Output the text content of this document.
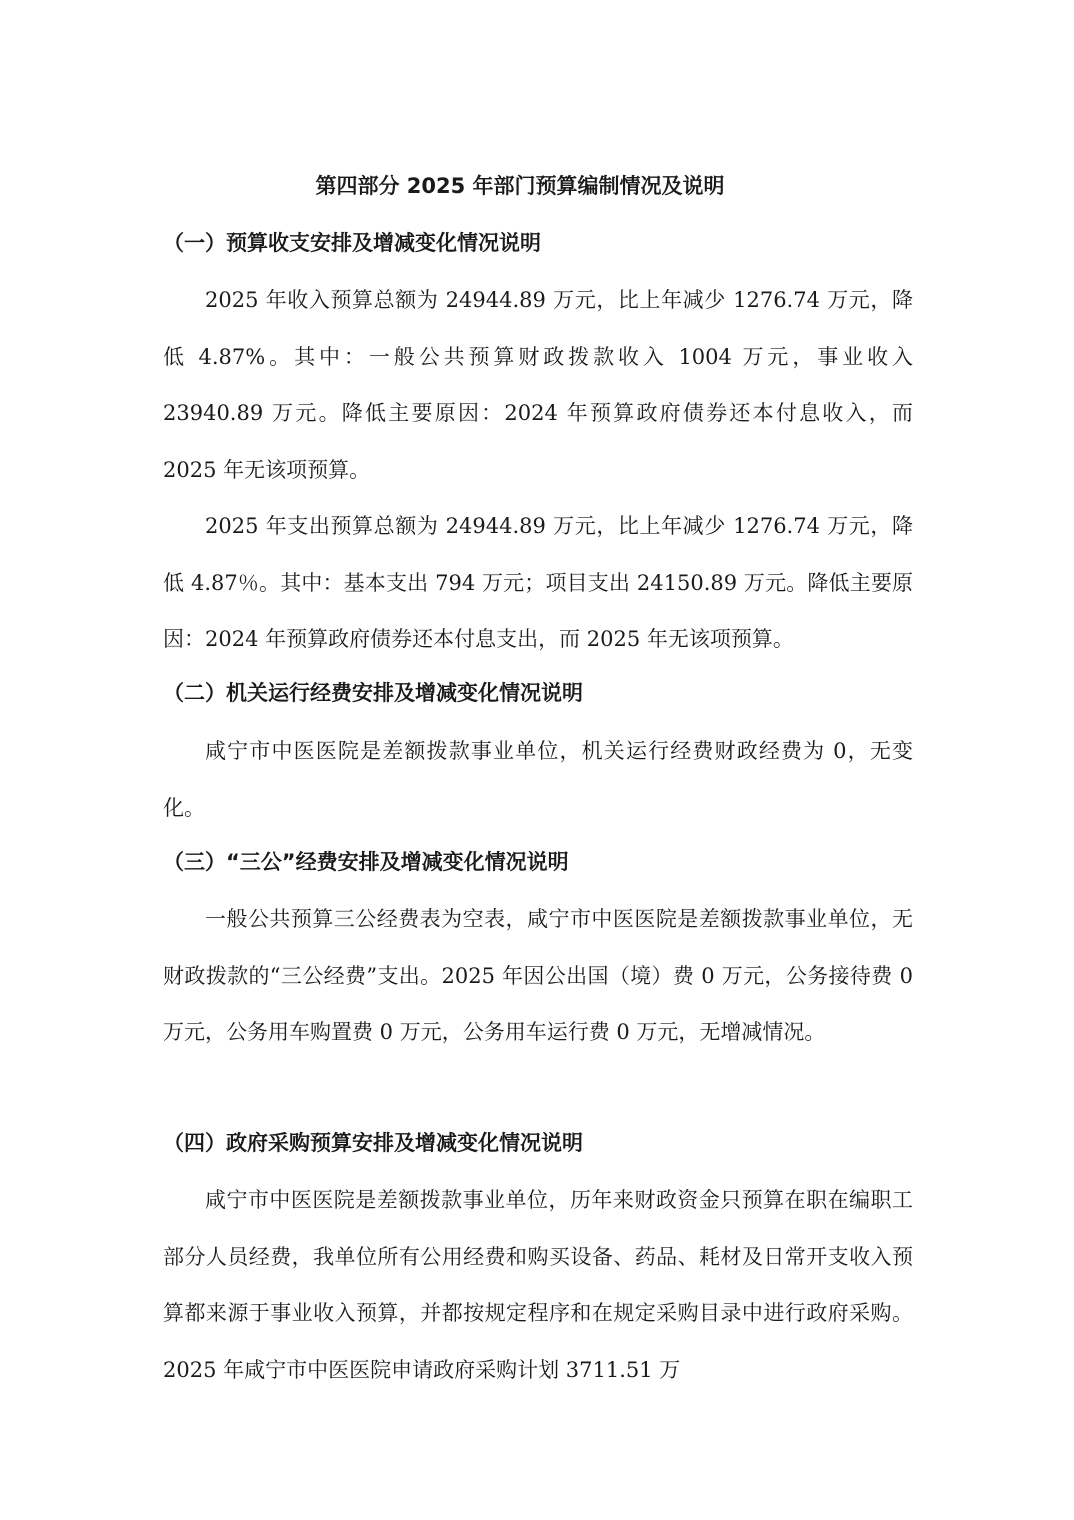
第四部分 2025 年部门预算编制情况及说明
（一）预算收支安排及增减变化情况说明

2025 年收入预算总额为 24944.89 万元，比上年减少 1276.74 万元，降低 4.87%。其中：一般公共预算财政拨款收入 1004 万元，事业收入 23940.89 万元。降低主要原因：2024 年预算政府债券还本付息收入，而 2025 年无该项预算。

2025 年支出预算总额为 24944.89 万元，比上年减少 1276.74 万元，降低 4.87％。其中：基本支出 794 万元；项目支出 24150.89 万元。降低主要原因：2024 年预算政府债券还本付息支出，而 2025 年无该项预算。

（二）机关运行经费安排及增减变化情况说明

咸宁市中医医院是差额拨款事业单位，机关运行经费财政经费为 0，无变化。

（三）“三公”经费安排及增减变化情况说明

一般公共预算三公经费表为空表，咸宁市中医医院是差额拨款事业单位，无财政拨款的“三公经费”支出。2025 年因公出国（境）费 0 万元，公务接待费 0 万元，公务用车购置费 0 万元，公务用车运行费 0 万元，无增减情况。

（四）政府采购预算安排及增减变化情况说明

咸宁市中医医院是差额拨款事业单位，历年来财政资金只预算在职在编职工部分人员经费，我单位所有公用经费和购买设备、药品、耗材及日常开支收入预算都来源于事业收入预算，并都按规定程序和在规定采购目录中进行政府采购。2025 年咸宁市中医医院申请政府采购计划 3711.51 万
